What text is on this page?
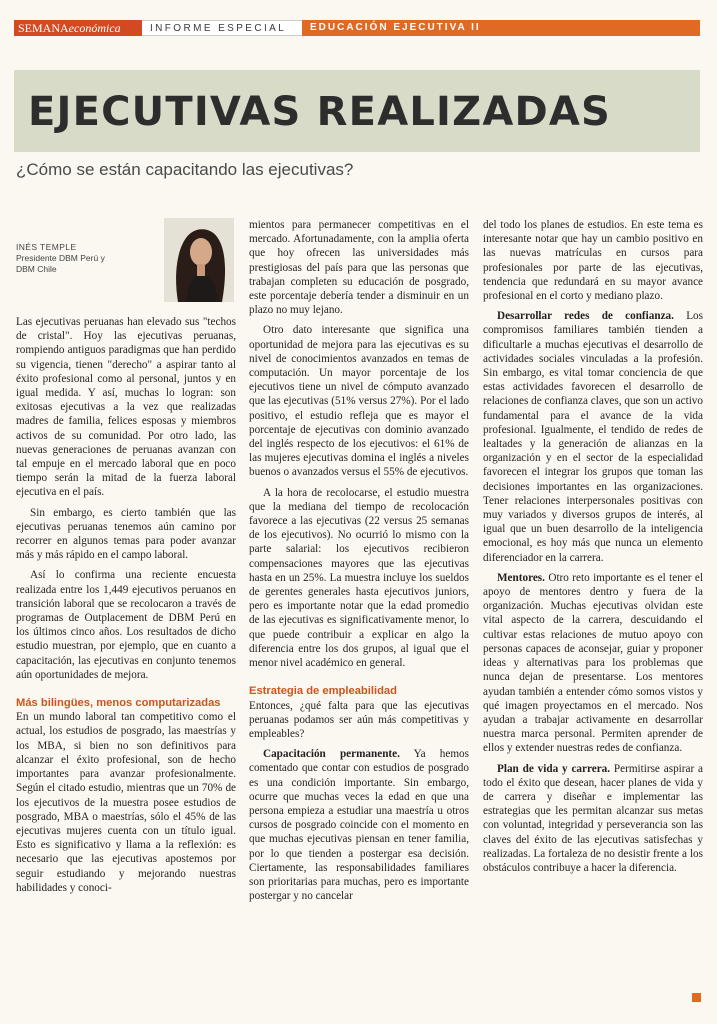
SEMANAeconómica	INFORME ESPECIAL	EDUCACIÓN EJECUTIVA II
EJECUTIVAS REALIZADAS
¿Cómo se están capacitando las ejecutivas?
INÉS TEMPLE
Presidente DBM Perú y DBM Chile

Las ejecutivas peruanas han elevado sus "techos de cristal". Hoy las ejecutivas peruanas, rompiendo antiguos paradigmas que han perdido su vigencia, tienen "derecho" a aspirar tanto al éxito profesional como al personal, juntos y en igual medida. Y así, muchas lo logran: son exitosas ejecutivas a la vez que realizadas madres de familia, felices esposas y miembros activos de su comunidad. Por otro lado, las nuevas generaciones de peruanas avanzan con tal empuje en el mercado laboral que en poco tiempo serán la mitad de la fuerza laboral ejecutiva en el país.

Sin embargo, es cierto también que las ejecutivas peruanas tenemos aún camino por recorrer en algunos temas para poder avanzar más y más rápido en el campo laboral.

Así lo confirma una reciente encuesta realizada entre los 1,449 ejecutivos peruanos en transición laboral que se recolocaron a través de programas de Outplacement de DBM Perú en los últimos cinco años. Los resultados de dicho estudio muestran, por ejemplo, que en cuanto a capacitación, las ejecutivas en conjunto tenemos aún oportunidades de mejora.

Más bilingües, menos computarizadas

En un mundo laboral tan competitivo como el actual, los estudios de posgrado, las maestrías y los MBA, si bien no son definitivos para alcanzar el éxito profesional, son de hecho importantes para avanzar profesionalmente. Según el citado estudio, mientras que un 70% de los ejecutivos de la muestra posee estudios de posgrado, MBA o maestrías, sólo el 45% de las ejecutivas mujeres cuenta con un título igual. Esto es significativo y llama a la reflexión: es necesario que las ejecutivas apostemos por seguir estudiando y mejorando nuestras habilidades y conoci-

mientos para permanecer competitivas en el mercado. Afortunadamente, con la amplia oferta que hoy ofrecen las universidades más prestigiosas del país para que las personas que trabajan completen su educación de posgrado, este porcentaje debería tender a disminuir en un plazo no muy lejano.

Otro dato interesante que significa una oportunidad de mejora para las ejecutivas es su nivel de conocimientos avanzados en temas de computación. Un mayor porcentaje de los ejecutivos tiene un nivel de cómputo avanzado que las ejecutivas (51% versus 27%). Por el lado positivo, el estudio refleja que es mayor el porcentaje de ejecutivas con dominio avanzado del inglés respecto de los ejecutivos: el 61% de las mujeres ejecutivas domina el inglés a niveles buenos o avanzados versus el 55% de ejecutivos.

A la hora de recolocarse, el estudio muestra que la mediana del tiempo de recolocación favorece a las ejecutivas (22 versus 25 semanas de los ejecutivos). No ocurrió lo mismo con la parte salarial: los ejecutivos recibieron compensaciones mayores que las ejecutivas hasta en un 25%. La muestra incluye los sueldos de gerentes generales hasta ejecutivos juniors, pero es importante notar que la edad promedio de las ejecutivas es significativamente menor, lo que puede contribuir a explicar en algo la diferencia entre los dos grupos, al igual que el menor nivel académico en general.

Estrategia de empleabilidad

Entonces, ¿qué falta para que las ejecutivas peruanas podamos ser aún más competitivas y empleables?

Capacitación permanente. Ya hemos comentado que contar con estudios de posgrado es una condición importante. Sin embargo, ocurre que muchas veces la edad en que una persona empieza a estudiar una maestría u otros cursos de posgrado coincide con el momento en que muchas ejecutivas piensan en tener familia, por lo que tienden a postergar esa decisión. Ciertamente, las responsabilidades familiares son prioritarias para muchas, pero es importante postergar y no cancelar

del todo los planes de estudios. En este tema es interesante notar que hay un cambio positivo en las nuevas matrículas en cursos para profesionales por parte de las ejecutivas, tendencia que redundará en su mayor avance profesional en el corto y mediano plazo.

Desarrollar redes de confianza. Los compromisos familiares también tienden a dificultarle a muchas ejecutivas el desarrollo de actividades sociales vinculadas a la profesión. Sin embargo, es vital tomar conciencia de que estas actividades favorecen el desarrollo de relaciones de confianza claves, que son un activo fundamental para el avance de la vida profesional. Igualmente, el tendido de redes de lealtades y la generación de alianzas en la organización y en el sector de la especialidad favorecen el integrar los grupos que toman las decisiones importantes en las organizaciones. Tener relaciones interpersonales positivas con muy variados y diversos grupos de interés, al igual que un buen desarrollo de la inteligencia emocional, es hoy más que nunca un elemento diferenciador en la carrera.

Mentores. Otro reto importante es el tener el apoyo de mentores dentro y fuera de la organización. Muchas ejecutivas olvidan este vital aspecto de la carrera, descuidando el cultivar estas relaciones de mutuo apoyo con personas capaces de aconsejar, guiar y proponer ideas y alternativas para los problemas que nunca dejan de presentarse. Los mentores ayudan también a entender cómo somos vistos y qué imagen proyectamos en el mercado. Nos ayudan a trabajar activamente en desarrollar nuestra marca personal. Permiten aprender de ellos y extender nuestras redes de confianza.

Plan de vida y carrera. Permitirse aspirar a todo el éxito que desean, hacer planes de vida y de carrera y diseñar e implementar las estrategias que les permitan alcanzar sus metas con voluntad, integridad y perseverancia son las claves del éxito de las ejecutivas satisfechas y realizadas. La fortaleza de no desistir frente a los obstáculos contribuye a hacer la diferencia.
